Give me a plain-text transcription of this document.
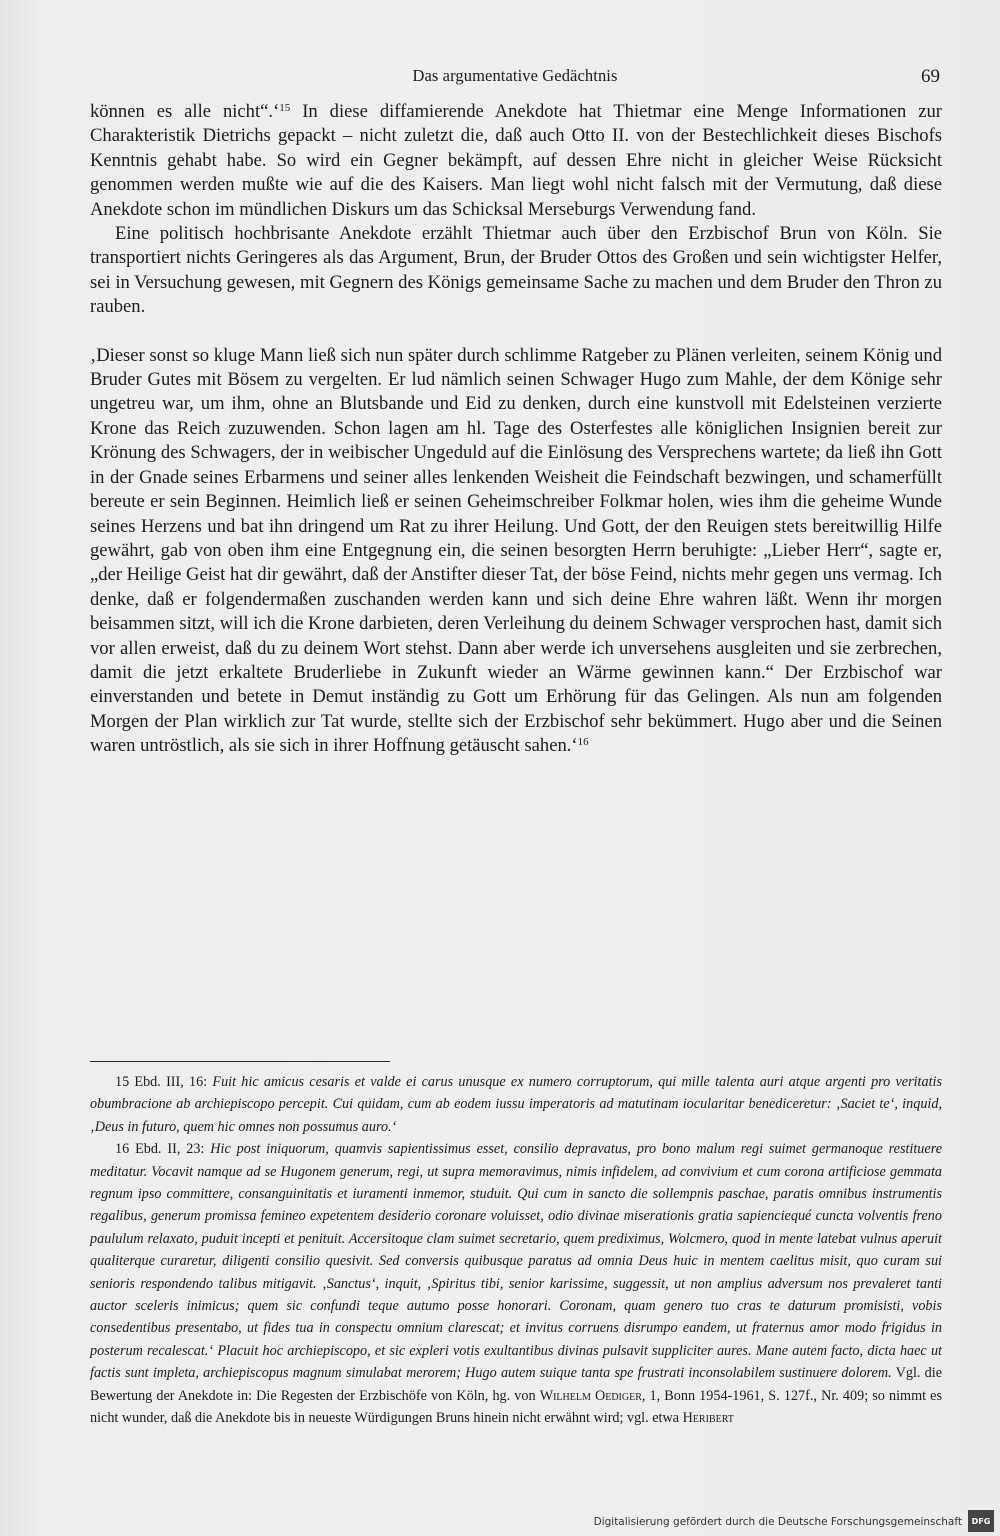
Das argumentative Gedächtnis	69

können es alle nicht“.‘$^{15}$ In diese diffamierende Anekdote hat Thietmar eine Menge Informationen zur Charakteristik Dietrichs gepackt – nicht zuletzt die, daß auch Otto II. von der Bestechlichkeit dieses Bischofs Kenntnis gehabt habe. So wird ein Gegner bekämpft, auf dessen Ehre nicht in gleicher Weise Rücksicht genommen werden mußte wie auf die des Kaisers. Man liegt wohl nicht falsch mit der Vermutung, daß diese Anekdote schon im mündlichen Diskurs um das Schicksal Merseburgs Verwendung fand.

Eine politisch hochbrisante Anekdote erzählt Thietmar auch über den Erzbischof Brun von Köln. Sie transportiert nichts Geringeres als das Argument, Brun, der Bruder Ottos des Großen und sein wichtigster Helfer, sei in Versuchung gewesen, mit Gegnern des Königs gemeinsame Sache zu machen und dem Bruder den Thron zu rauben.

‚Dieser sonst so kluge Mann ließ sich nun später durch schlimme Ratgeber zu Plänen verleiten, seinem König und Bruder Gutes mit Bösem zu vergelten. Er lud nämlich seinen Schwager Hugo zum Mahle, der dem Könige sehr ungetreu war, um ihm, ohne an Blutsbande und Eid zu denken, durch eine kunstvoll mit Edelsteinen verzierte Krone das Reich zuzuwenden. Schon lagen am hl. Tage des Osterfestes alle königlichen Insignien bereit zur Krönung des Schwagers, der in weibischer Ungeduld auf die Einlösung des Versprechens wartete; da ließ ihn Gott in der Gnade seines Erbarmens und seiner alles lenkenden Weisheit die Feindschaft bezwingen, und schamerfüllt bereute er sein Beginnen. Heimlich ließ er seinen Geheimschreiber Folkmar holen, wies ihm die geheime Wunde seines Herzens und bat ihn dringend um Rat zu ihrer Heilung. Und Gott, der den Reuigen stets bereitwillig Hilfe gewährt, gab von oben ihm eine Entgegnung ein, die seinen besorgten Herrn beruhigte: „Lieber Herr“, sagte er, „der Heilige Geist hat dir gewährt, daß der Anstifter dieser Tat, der böse Feind, nichts mehr gegen uns vermag. Ich denke, daß er folgendermaßen zuschanden werden kann und sich deine Ehre wahren läßt. Wenn ihr morgen beisammen sitzt, will ich die Krone darbieten, deren Verleihung du deinem Schwager versprochen hast, damit sich vor allen erweist, daß du zu deinem Wort stehst. Dann aber werde ich unversehens ausgleiten und sie zerbrechen, damit die jetzt erkaltete Bruderliebe in Zukunft wieder an Wärme gewinnen kann.“ Der Erzbischof war einverstanden und betete in Demut inständig zu Gott um Erhörung für das Gelingen. Als nun am folgenden Morgen der Plan wirklich zur Tat wurde, stellte sich der Erzbischof sehr bekümmert. Hugo aber und die Seinen waren untröstlich, als sie sich in ihrer Hoffnung getäuscht sahen.‘$^{16}$

15 Ebd. III, 16: Fuit hic amicus cesaris et valde ei carus unusque ex numero corruptorum, qui mille talenta auri atque argenti pro veritatis obumbracione ab archiepiscopo percepit. Cui quidam, cum ab eodem iussu imperatoris ad matutinam iocularitar benediceretur: ‚Saciet te‘, inquid, ‚Deus in futuro, quem hic omnes non possumus auro.‘

16 Ebd. II, 23: Hic post iniquorum, quamvis sapientissimus esset, consilio depravatus, pro bono malum regi suimet germanoque restituere meditatur. Vocavit namque ad se Hugonem generum, regi, ut supra memoravimus, nimis infidelem, ad convivium et cum corona artificiose gemmata regnum ipso committere, consanguinitatis et iuramenti inmemor, studuit. Qui cum in sancto die sollempnis paschae, paratis omnibus instrumentis regalibus, generum promissa femineo expetentem desiderio coronare voluisset, odio divinae miserationis gratia sapienciequé cuncta volventis freno paululum relaxato, puduit incepti et penituit. Accersitoque clam suimet secretario, quem prediximus, Wolcmero, quod in mente latebat vulnus aperuit qualiterque curaretur, diligenti consilio quesivit. Sed conversis quibusque paratus ad omnia Deus huic in mentem caelitus misit, quo curam sui senioris respondendo talibus mitigavit. ‚Sanctus‘, inquit, ‚Spiritus tibi, senior karissime, suggessit, ut non amplius adversum nos prevaleret tanti auctor sceleris inimicus; quem sic confundi teque autumo posse honorari. Coronam, quam genero tuo cras te daturum promisisti, vobis consedentibus presentabo, ut fides tua in conspectu omnium clarescat; et invitus corruens disrumpo eandem, ut fraternus amor modo frigidus in posterum recalescat.‘ Placuit hoc archiepiscopo, et sic expleri votis exultantibus divinas pulsavit suppliciter aures. Mane autem facto, dicta haec ut factis sunt impleta, archiepiscopus magnum simulabat merorem; Hugo autem suique tanta spe frustrati inconsolabilem sustinuere dolorem. Vgl. die Bewertung der Anekdote in: Die Regesten der Erzbischöfe von Köln, hg. von Wilhelm Oediger, 1, Bonn 1954-1961, S. 127f., Nr. 409; so nimmt es nicht wunder, daß die Anekdote bis in neueste Würdigungen Bruns hinein nicht erwähnt wird; vgl. etwa Heribert

Digitalisierung gefördert durch die Deutsche Forschungsgemeinschaft	DFG
